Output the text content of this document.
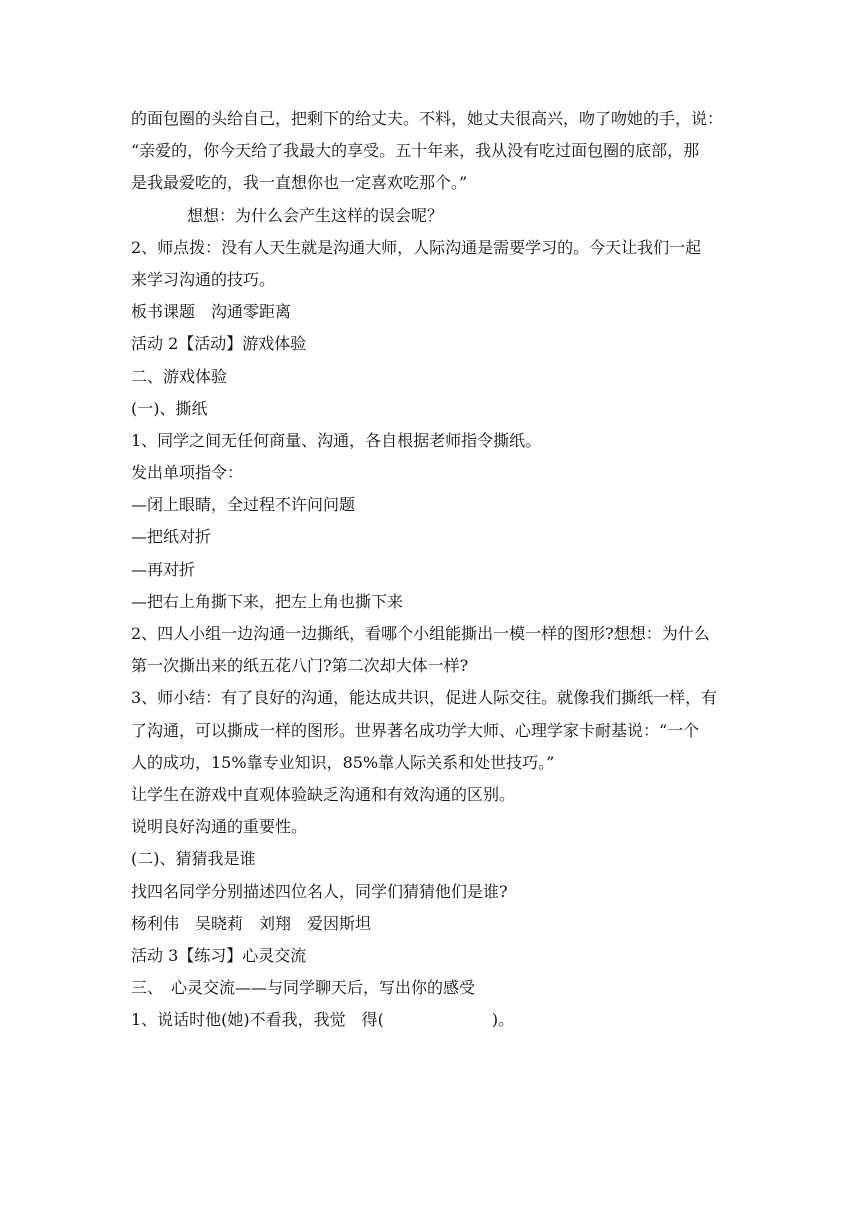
的面包圈的头给自己，把剩下的给丈夫。不料，她丈夫很高兴，吻了吻她的手，说：
“亲爱的，你今天给了我最大的享受。五十年来，我从没有吃过面包圈的底部，那
是我最爱吃的，我一直想你也一定喜欢吃那个。”
想想：为什么会产生这样的误会呢？
2、师点拨：没有人天生就是沟通大师，人际沟通是需要学习的。今天让我们一起
来学习沟通的技巧。
板书课题　沟通零距离
活动 2【活动】游戏体验
二、游戏体验
(一)、撕纸
1、同学之间无任何商量、沟通，各自根据老师指令撕纸。
发出单项指令：
—闭上眼睛，全过程不许问问题
—把纸对折
—再对折
—把右上角撕下来，把左上角也撕下来
2、四人小组一边沟通一边撕纸，看哪个小组能撕出一模一样的图形?想想：为什么
第一次撕出来的纸五花八门?第二次却大体一样?
3、师小结：有了良好的沟通，能达成共识，促进人际交往。就像我们撕纸一样，有
了沟通，可以撕成一样的图形。世界著名成功学大师、心理学家卡耐基说：“一个
人的成功，15%靠专业知识，85%靠人际关系和处世技巧。”
让学生在游戏中直观体验缺乏沟通和有效沟通的区别。
说明良好沟通的重要性。
(二)、猜猜我是谁
找四名同学分别描述四位名人，同学们猜猜他们是谁?
杨利伟　吴晓莉　刘翔　爱因斯坦
活动 3【练习】心灵交流
三、　心灵交流——与同学聊天后，写出你的感受
1、说话时他(她)不看我，我觉　得(	)。
